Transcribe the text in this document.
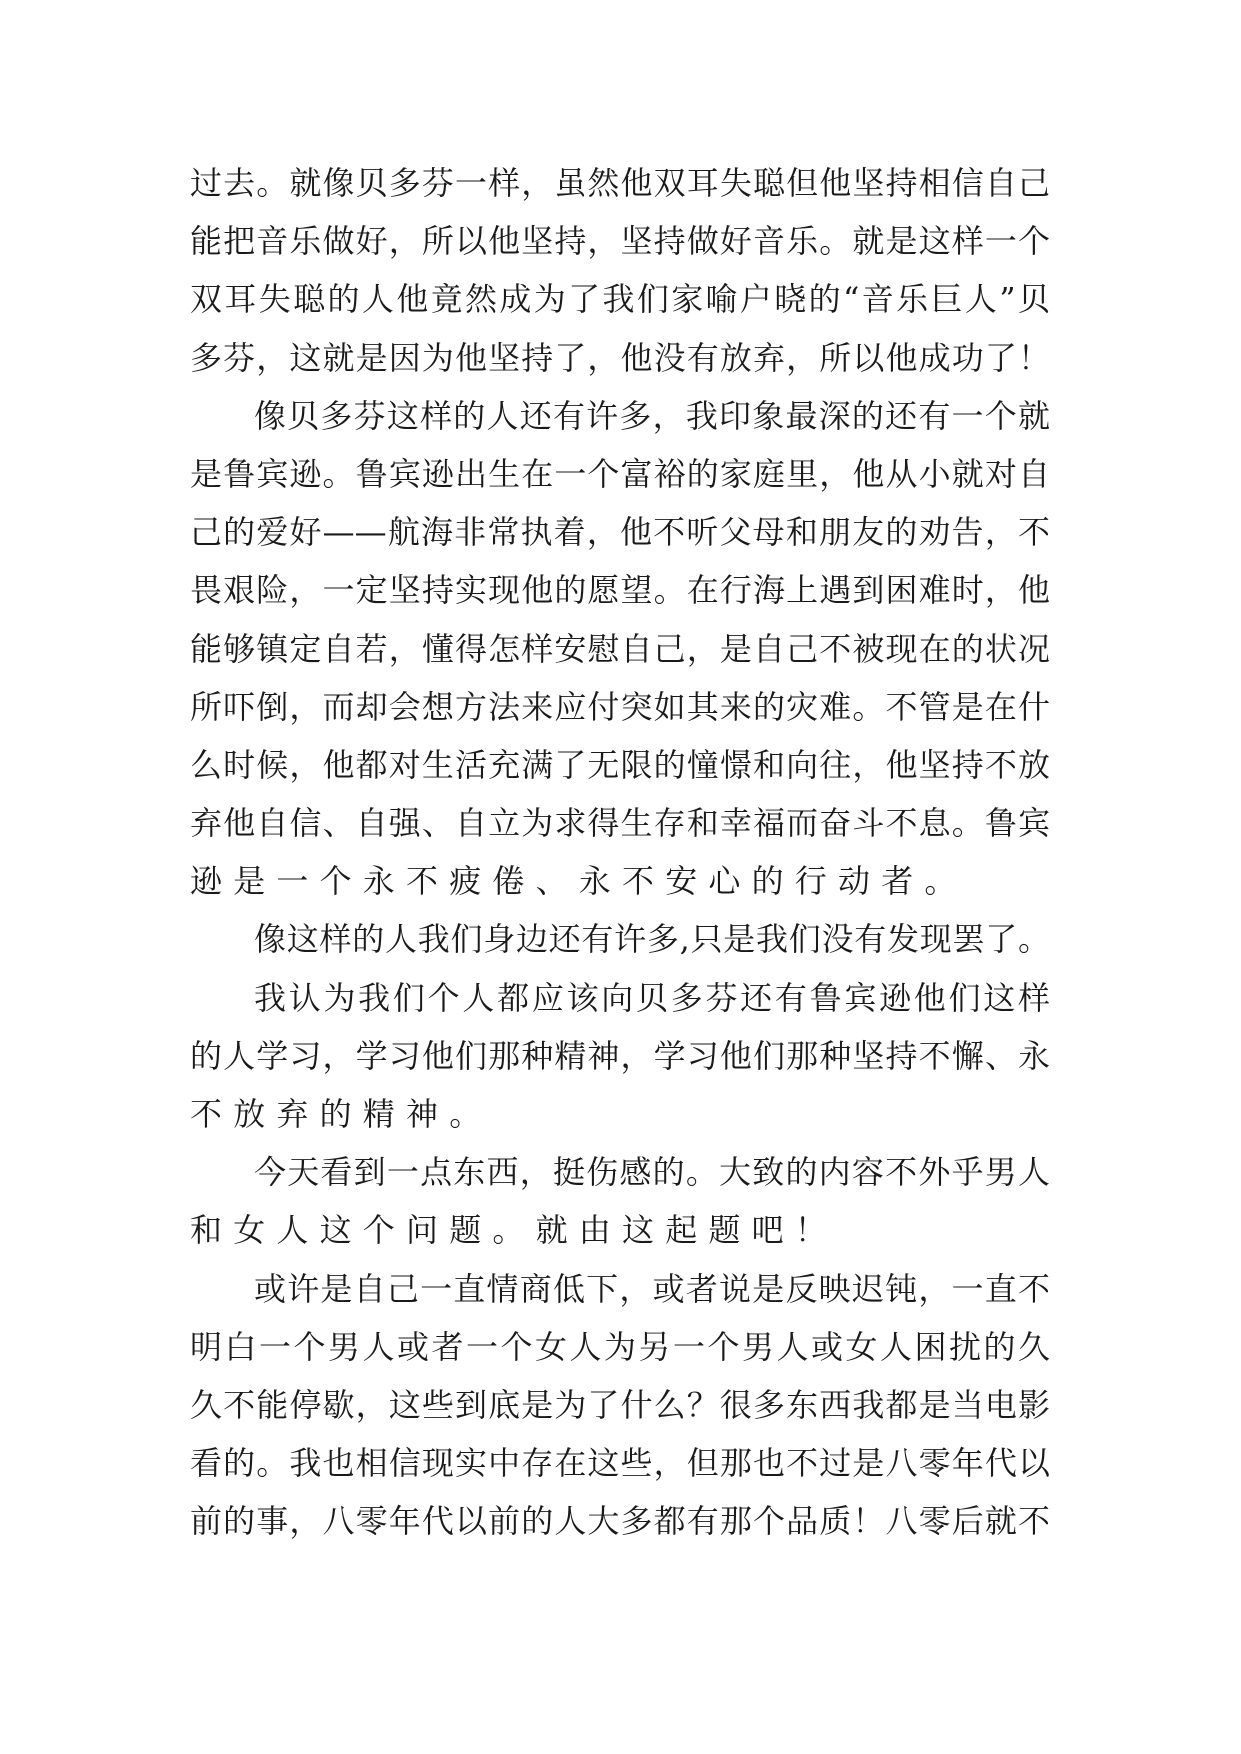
过去。就像贝多芬一样，虽然他双耳失聪但他坚持相信自己
能把音乐做好，所以他坚持，坚持做好音乐。就是这样一个
双耳失聪的人他竟然成为了我们家喻户晓的“音乐巨人”贝
多芬，这就是因为他坚持了，他没有放弃，所以他成功了！
像贝多芬这样的人还有许多，我印象最深的还有一个就
是鲁宾逊。鲁宾逊出生在一个富裕的家庭里，他从小就对自
己的爱好——航海非常执着，他不听父母和朋友的劝告，不
畏艰险，一定坚持实现他的愿望。在行海上遇到困难时，他
能够镇定自若，懂得怎样安慰自己，是自己不被现在的状况
所吓倒，而却会想方法来应付突如其来的灾难。不管是在什
么时候，他都对生活充满了无限的憧憬和向往，他坚持不放
弃他自信、自强、自立为求得生存和幸福而奋斗不息。鲁宾
逊是一个永不疲倦、永不安心的行动者。
像这样的人我们身边还有许多,只是我们没有发现罢了。
我认为我们个人都应该向贝多芬还有鲁宾逊他们这样
的人学习，学习他们那种精神，学习他们那种坚持不懈、永
不放弃的精神。
今天看到一点东西，挺伤感的。大致的内容不外乎男人
和女人这个问题。就由这起题吧！
或许是自己一直情商低下，或者说是反映迟钝，一直不
明白一个男人或者一个女人为另一个男人或女人困扰的久
久不能停歇，这些到底是为了什么？很多东西我都是当电影
看的。我也相信现实中存在这些，但那也不过是八零年代以
前的事，八零年代以前的人大多都有那个品质！八零后就不
